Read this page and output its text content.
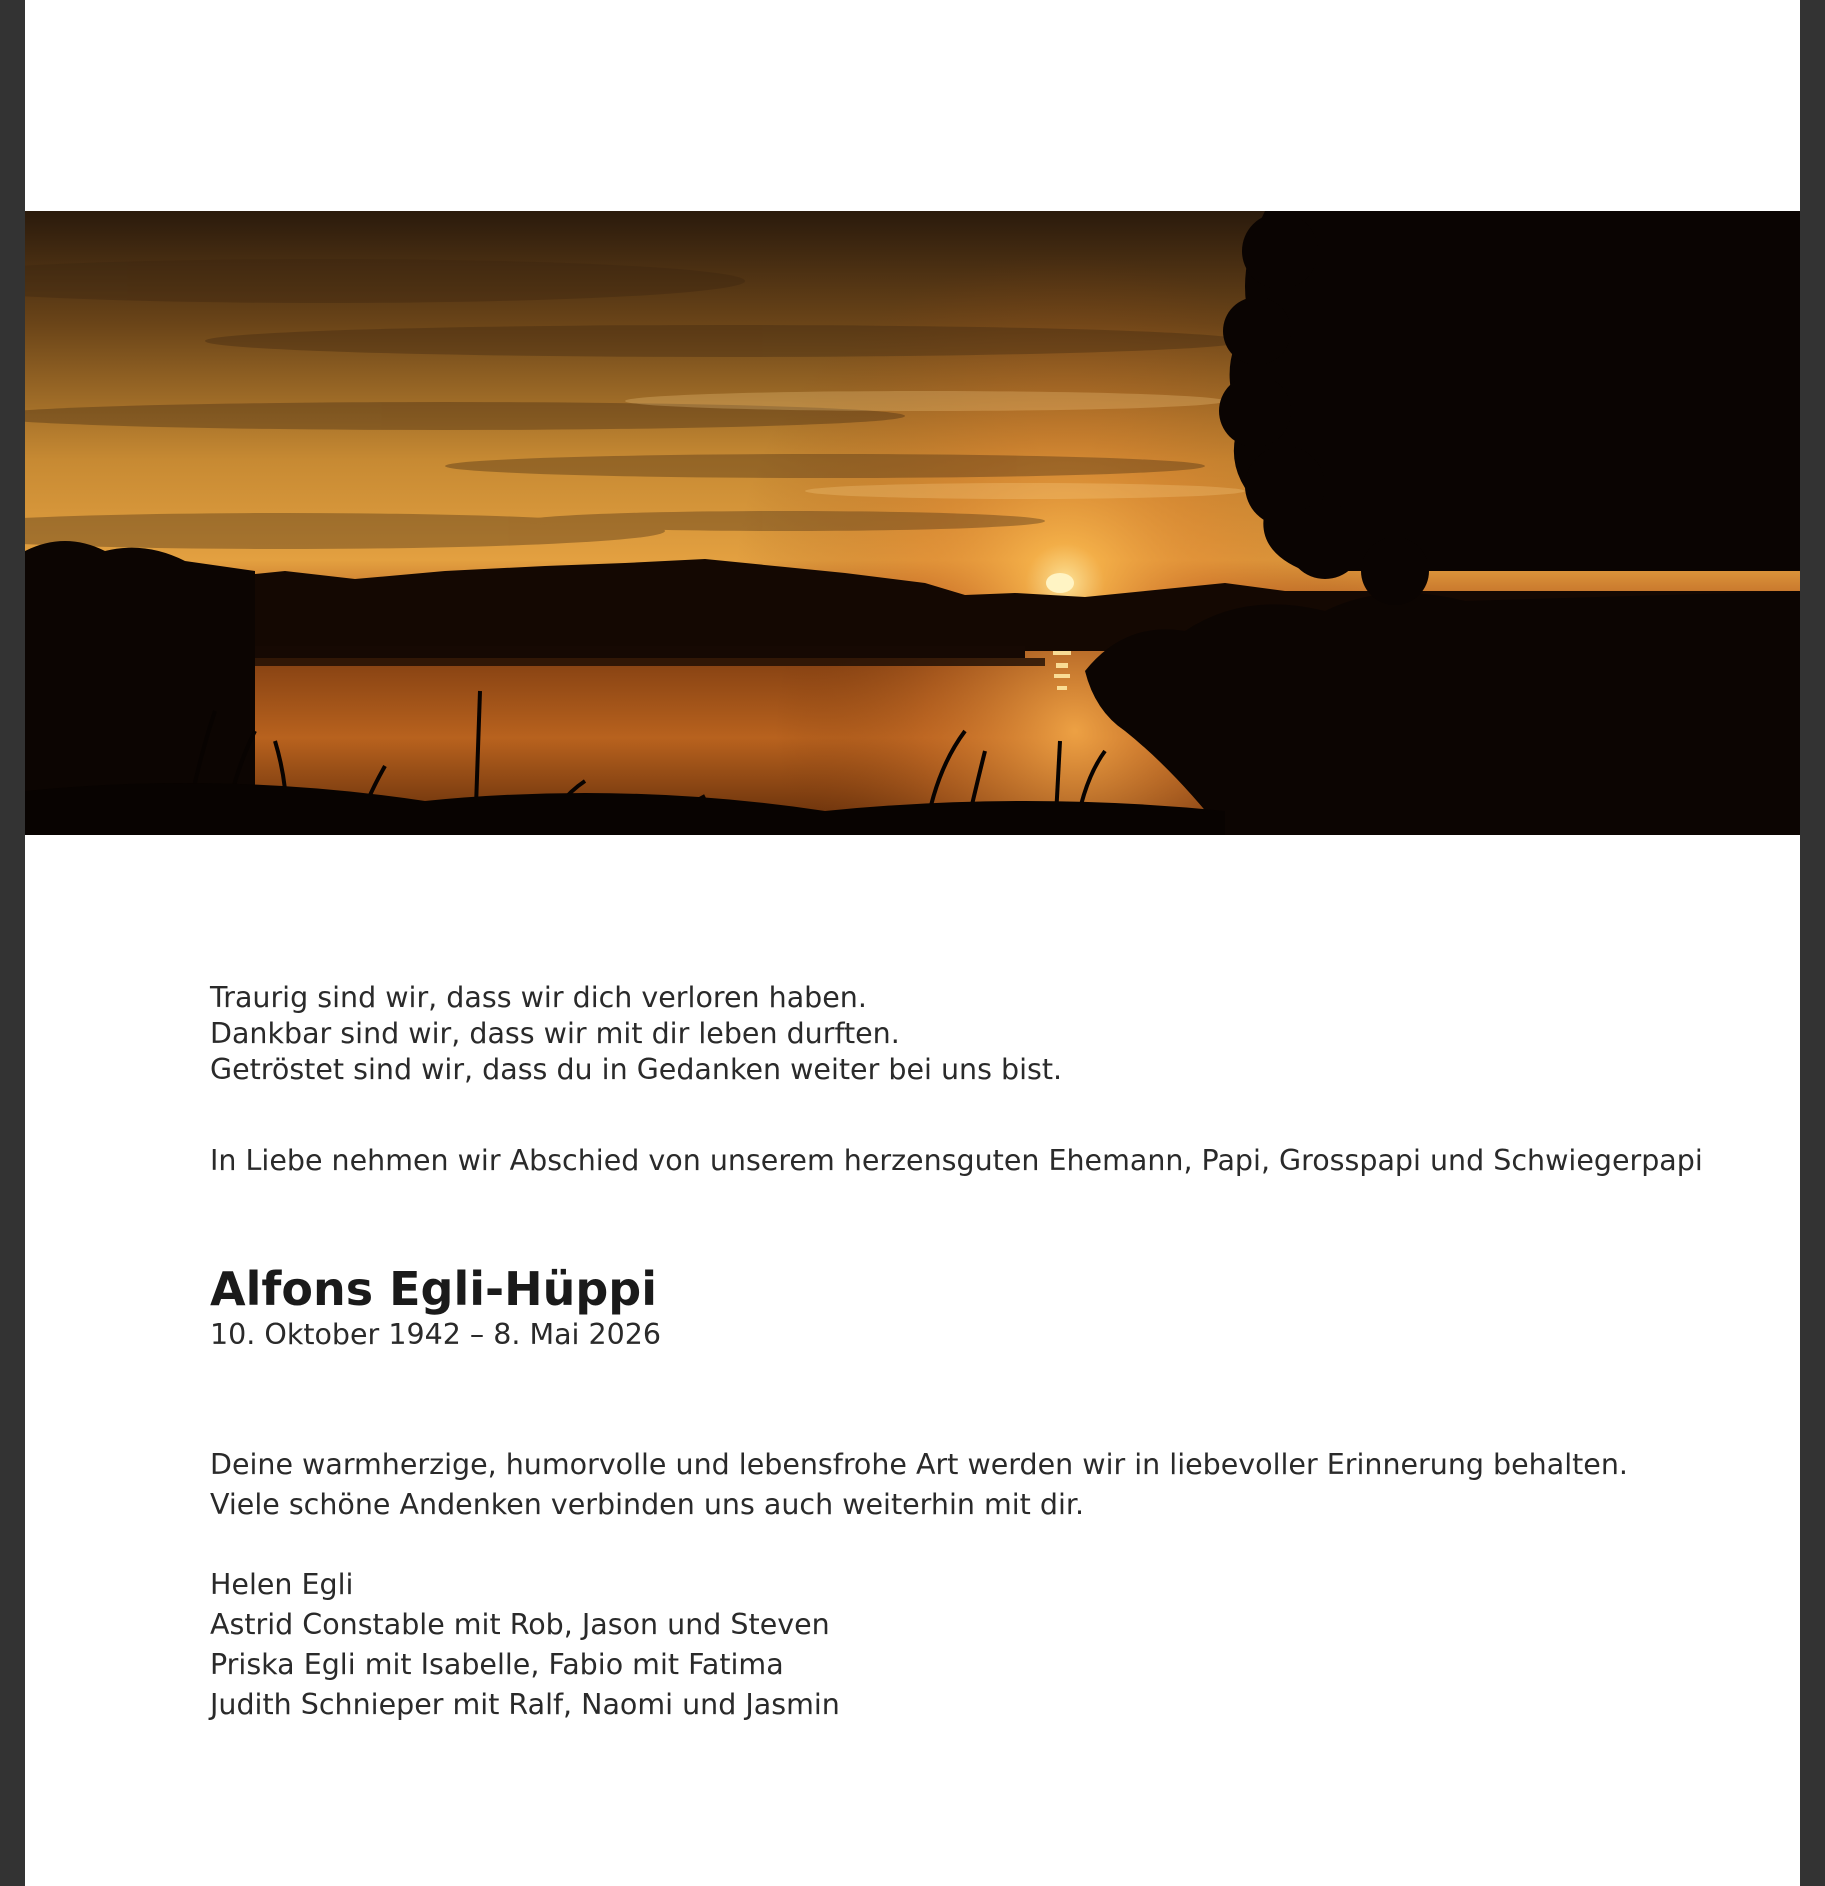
Traurig sind wir, dass wir dich verloren haben.
Dankbar sind wir, dass wir mit dir leben durften.
Getröstet sind wir, dass du in Gedanken weiter bei uns bist.
In Liebe nehmen wir Abschied von unserem herzensguten Ehemann, Papi, Grosspapi und Schwiegerpapi
Alfons Egli-Hüppi
10. Oktober 1942 – 8. Mai 2026
Deine warmherzige, humorvolle und lebensfrohe Art werden wir in liebevoller Erinnerung behalten.
Viele schöne Andenken verbinden uns auch weiterhin mit dir.
Helen Egli
Astrid Constable mit Rob, Jason und Steven
Priska Egli mit Isabelle, Fabio mit Fatima
Judith Schnieper mit Ralf, Naomi und Jasmin
